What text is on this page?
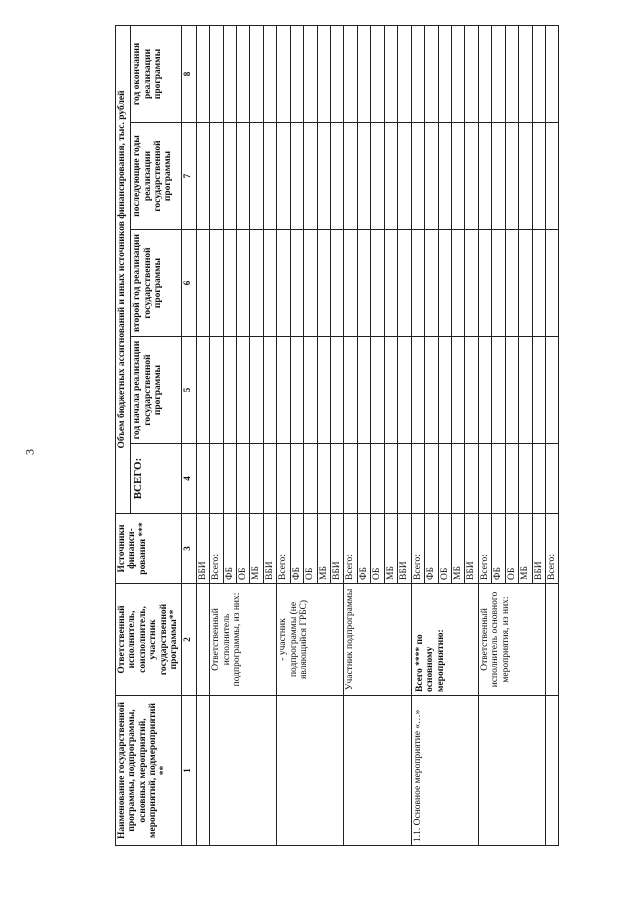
3
Наименование государственной программы, подпрограммы, основных мероприятий, мероприятий, подмероприятий **	Ответственный исполнитель, соисполнитель, участник государственной программы**	Источники финанси-рования ***	Объем бюджетных ассигнований и иных источников финансирования, тыс. рублей				
			ВСЕГО:	год начала реализации государственной программы	второй год реализации государственной программы	последующие годы реализации государственной программы	год окончания реализации программы
1	2	3	4	5	6	7	8
		ВБИ					
	Ответственный исполнитель подпрограммы, из них:	Всего:					
		ФБ					
		ОБ					
		МБ					
		ВБИ					
	- участник подпрограммы (не являющийся ГРБС)	Всего:					
		ФБ					
		ОБ					
		МБ					
		ВБИ					
	Участник подпрограммы	Всего:					
		ФБ					
		ОБ					
		МБ					
		ВБИ					
1.1. Основное мероприятие «…»	Всего **** по основному мероприятию:	Всего:					
		ФБ					
		ОБ					
		МБ					
		ВБИ					
	Ответственный исполнитель основного мероприятия, из них:	Всего:					
		ФБ					
		ОБ					
		МБ					
		ВБИ					
		Всего:					
